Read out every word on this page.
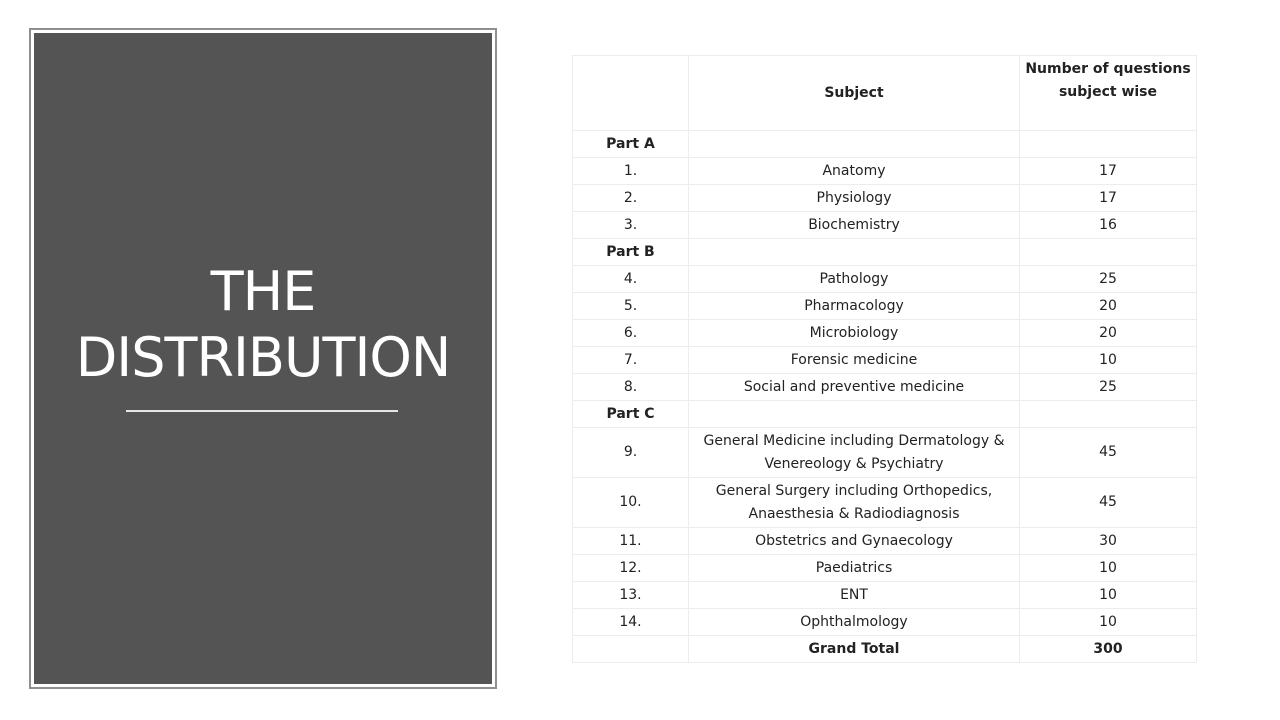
THE
DISTRIBUTION
	Subject	Number of questions
subject wise

Part A		
1.	Anatomy	17
2.	Physiology	17
3.	Biochemistry	16
Part B		
4.	Pathology	25
5.	Pharmacology	20
6.	Microbiology	20
7.	Forensic medicine	10
8.	Social and preventive medicine	25
Part C		
9.	General Medicine including Dermatology &
Venereology & Psychiatry	45
10.	General Surgery including Orthopedics,
Anaesthesia & Radiodiagnosis	45
11.	Obstetrics and Gynaecology	30
12.	Paediatrics	10
13.	ENT	10
14.	Ophthalmology	10
	Grand Total	300
